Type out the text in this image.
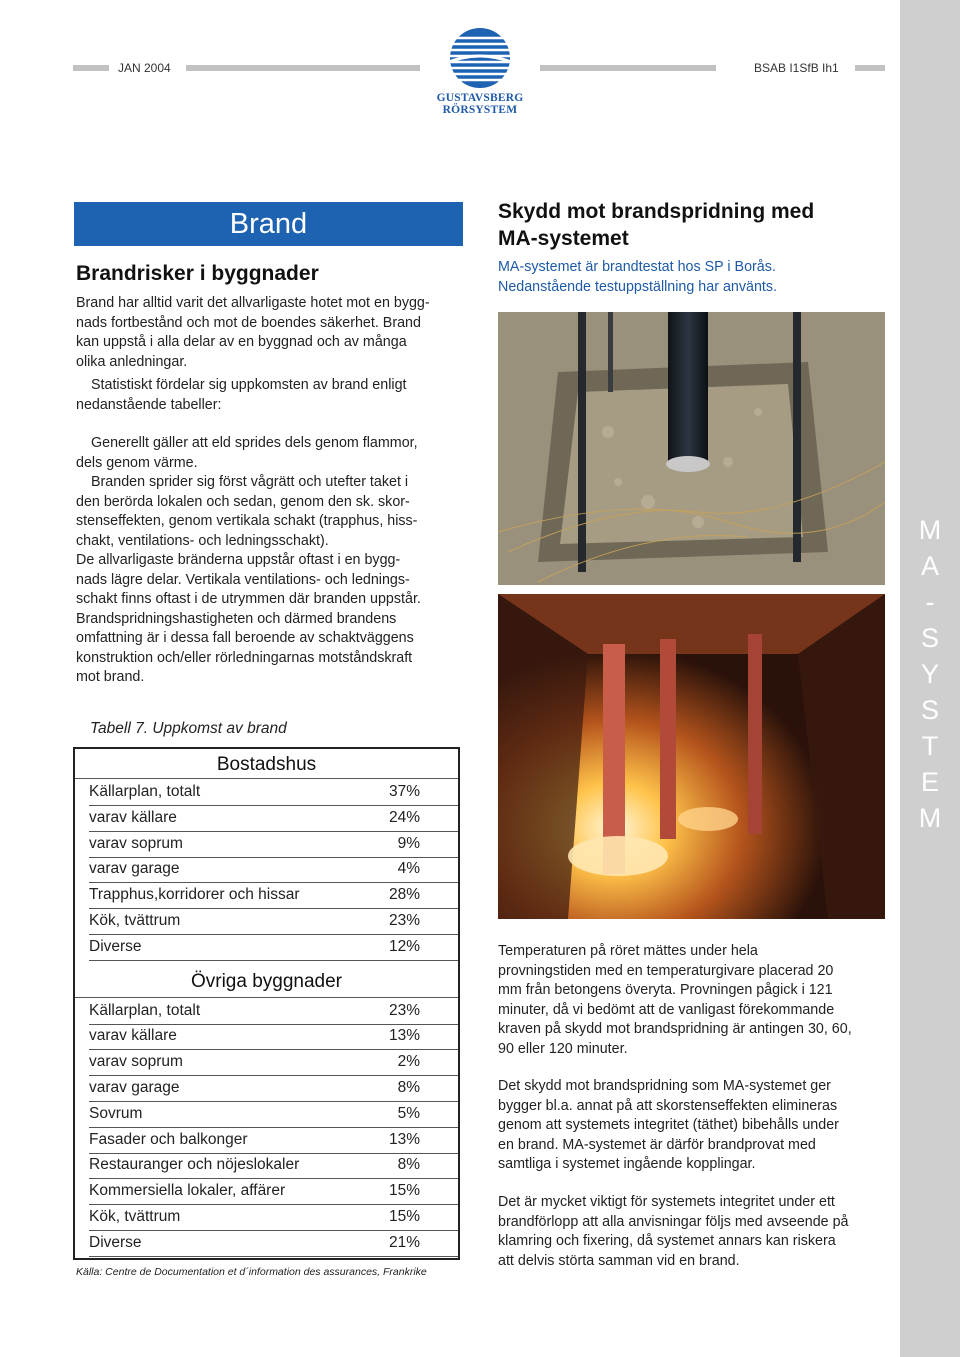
M
A
-
S
Y
S
T
E
M
JAN 2004	BSAB I1SfB Ih1
GUSTAVSBERG
RÖRSYSTEM
Brand
Brandrisker i byggnader
Brand har alltid varit det allvarligaste hotet mot en bygg-
nads fortbestånd och mot de boendes säkerhet. Brand
kan uppstå i alla delar av en byggnad och av många
olika anledningar.
Statistiskt fördelar sig uppkomsten av brand enligt
nedanstående tabeller:
Generellt gäller att eld sprides dels genom flammor,
dels genom värme.
Branden sprider sig först vågrätt och utefter taket i
den berörda lokalen och sedan, genom den sk. skor-
stenseffekten, genom vertikala schakt (trapphus, hiss-
chakt, ventilations- och ledningsschakt).
De allvarligaste bränderna uppstår oftast i en bygg-
nads lägre delar. Vertikala ventilations- och lednings-
schakt finns oftast i de utrymmen där branden uppstår.
Brandspridningshastigheten och därmed brandens
omfattning är i dessa fall beroende av schaktväggens
konstruktion och/eller rörledningarnas motståndskraft
mot brand.
Tabell 7. Uppkomst av brand
Bostadshus
Källarplan, totalt	37%
varav källare	24%
varav soprum	9%
varav garage	4%
Trapphus,korridorer och hissar	28%
Kök, tvättrum	23%
Diverse	12%
Övriga byggnader
Källarplan, totalt	23%
varav källare	13%
varav soprum	2%
varav garage	8%
Sovrum	5%
Fasader och balkonger	13%
Restauranger och nöjeslokaler	8%
Kommersiella lokaler, affärer	15%
Kök, tvättrum	15%
Diverse	21%
Källa: Centre de Documentation et d´information des assurances, Frankrike
Skydd mot brandspridning med
MA-systemet
MA-systemet är brandtestat hos SP i Borås.
Nedanstående testuppställning har använts.
Temperaturen på röret mättes under hela
provningstiden med en temperaturgivare placerad 20
mm från betongens överyta. Provningen pågick i 121
minuter, då vi bedömt att de vanligast förekommande
kraven på skydd mot brandspridning är antingen 30, 60,
90 eller 120 minuter.
Det skydd mot brandspridning som MA-systemet ger
bygger bl.a. annat på att skorstenseffekten elimineras
genom att systemets integritet (täthet) bibehålls under
en brand. MA-systemet är därför brandprovat med
samtliga i systemet ingående kopplingar.
Det är mycket viktigt för systemets integritet under ett
brandförlopp att alla anvisningar följs med avseende på
klamring och fixering, då systemet annars kan riskera
att delvis störta samman vid en brand.
